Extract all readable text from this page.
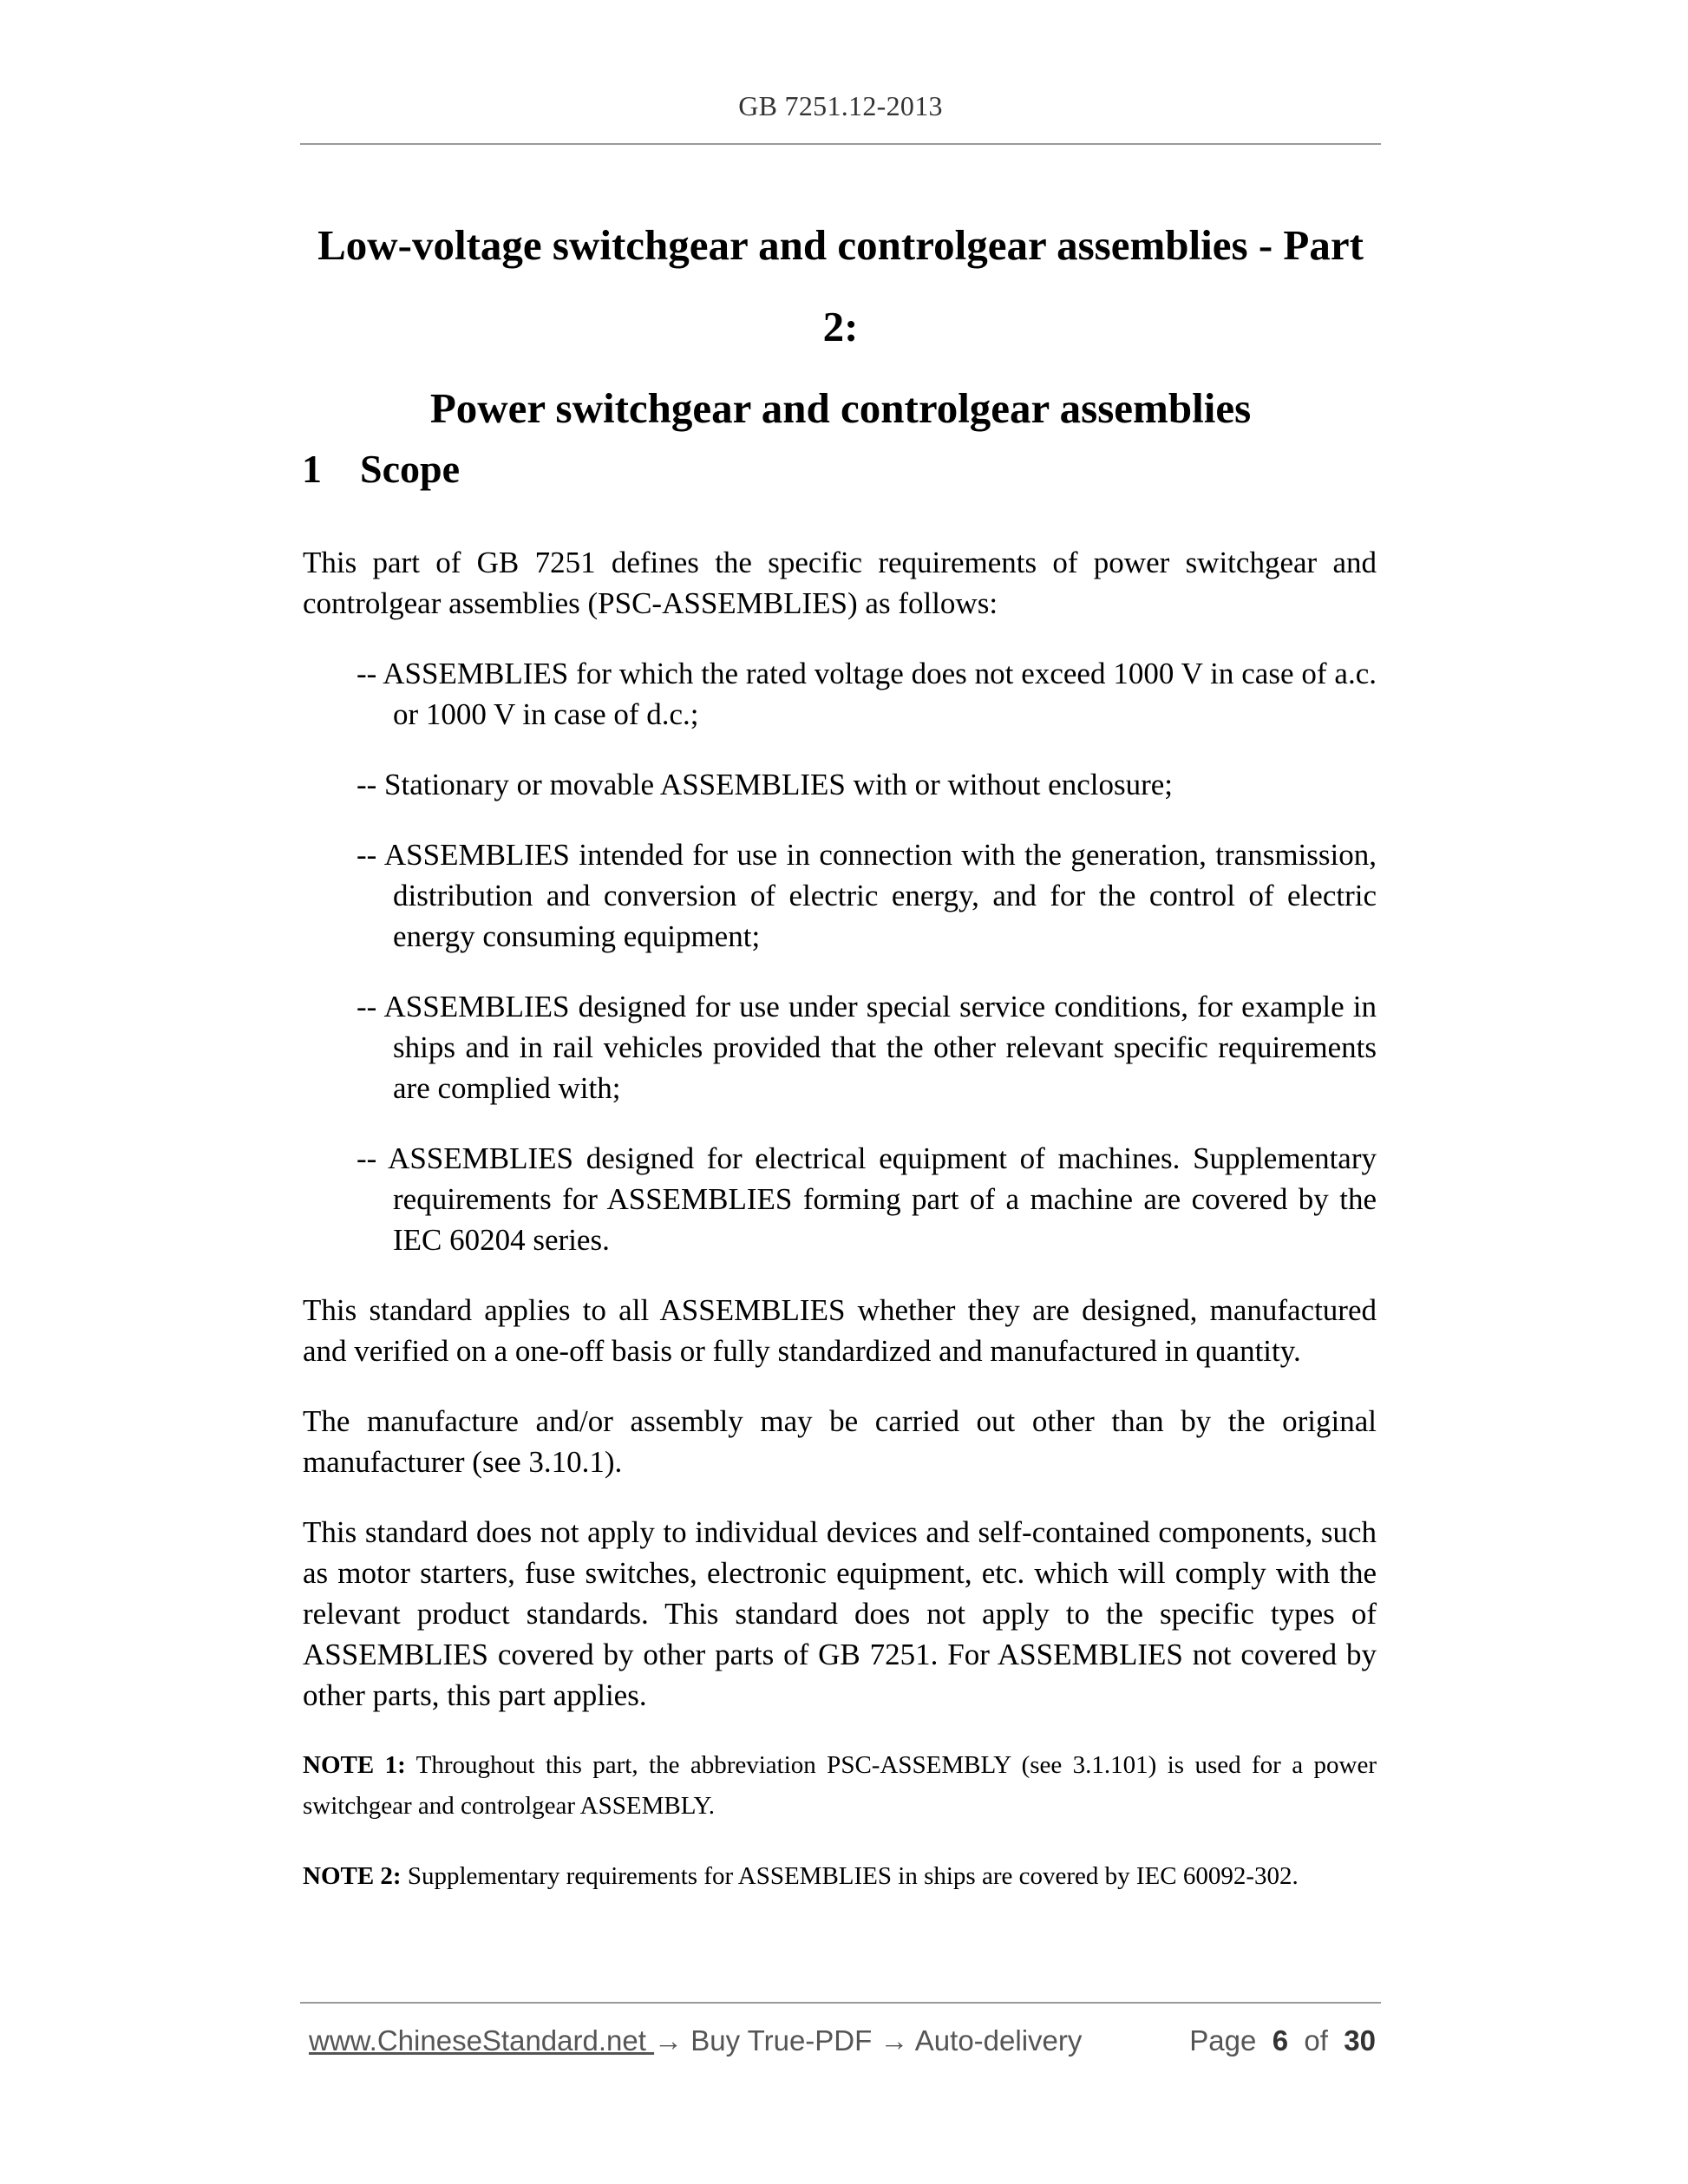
GB 7251.12-2013
Low-voltage switchgear and controlgear assemblies - Part 2:
Power switchgear and controlgear assemblies
1 Scope

This part of GB 7251 defines the specific requirements of power switchgear and controlgear assemblies (PSC-ASSEMBLIES) as follows:

-- ASSEMBLIES for which the rated voltage does not exceed 1000 V in case of a.c. or 1000 V in case of d.c.;
-- Stationary or movable ASSEMBLIES with or without enclosure;
-- ASSEMBLIES intended for use in connection with the generation, transmission, distribution and conversion of electric energy, and for the control of electric energy consuming equipment;
-- ASSEMBLIES designed for use under special service conditions, for example in ships and in rail vehicles provided that the other relevant specific requirements are complied with;
-- ASSEMBLIES designed for electrical equipment of machines. Supplementary requirements for ASSEMBLIES forming part of a machine are covered by the IEC 60204 series.

This standard applies to all ASSEMBLIES whether they are designed, manufactured and verified on a one-off basis or fully standardized and manufactured in quantity.

The manufacture and/or assembly may be carried out other than by the original manufacturer (see 3.10.1).

This standard does not apply to individual devices and self-contained components, such as motor starters, fuse switches, electronic equipment, etc. which will comply with the relevant product standards. This standard does not apply to the specific types of ASSEMBLIES covered by other parts of GB 7251. For ASSEMBLIES not covered by other parts, this part applies.

NOTE 1: Throughout this part, the abbreviation PSC-ASSEMBLY (see 3.1.101) is used for a power switchgear and controlgear ASSEMBLY.

NOTE 2: Supplementary requirements for ASSEMBLIES in ships are covered by IEC 60092-302.

www.ChineseStandard.net → Buy True-PDF → Auto-delivery	Page 6 of 30
